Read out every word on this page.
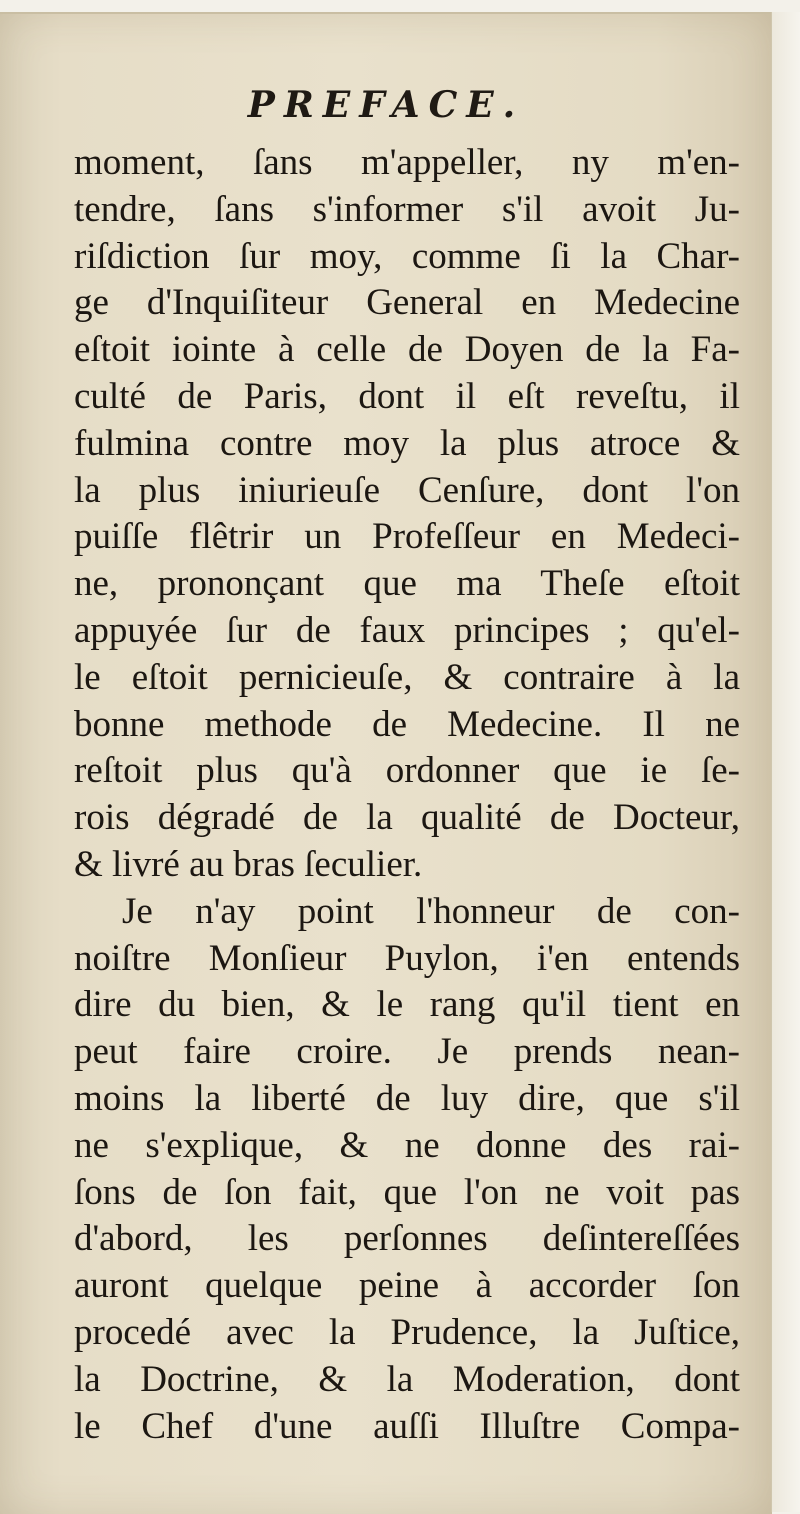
PREFACE.
moment, ſans m'appeller, ny m'en-
tendre, ſans s'informer s'il avoit Ju-
riſdiction ſur moy, comme ſi la Char-
ge d'Inquiſiteur General en Medecine
eſtoit iointe à celle de Doyen de la Fa-
culté de Paris, dont il eſt reveſtu, il
fulmina contre moy la plus atroce &
la plus iniurieuſe Cenſure, dont l'on
puiſſe flêtrir un Profeſſeur en Medeci-
ne, prononçant que ma Theſe eſtoit
appuyée ſur de faux principes ; qu'el-
le eſtoit pernicieuſe, & contraire à la
bonne methode de Medecine. Il ne
reſtoit plus qu'à ordonner que ie ſe-
rois dégradé de la qualité de Docteur,
& livré au bras ſeculier.
Je n'ay point l'honneur de con-
noiſtre Monſieur Puylon, i'en entends
dire du bien, & le rang qu'il tient en
peut faire croire. Je prends nean-
moins la liberté de luy dire, que s'il
ne s'explique, & ne donne des rai-
ſons de ſon fait, que l'on ne voit pas
d'abord, les perſonnes deſintereſſées
auront quelque peine à accorder ſon
procedé avec la Prudence, la Juſtice,
la Doctrine, & la Moderation, dont
le Chef d'une auſſi Illuſtre Compa-
